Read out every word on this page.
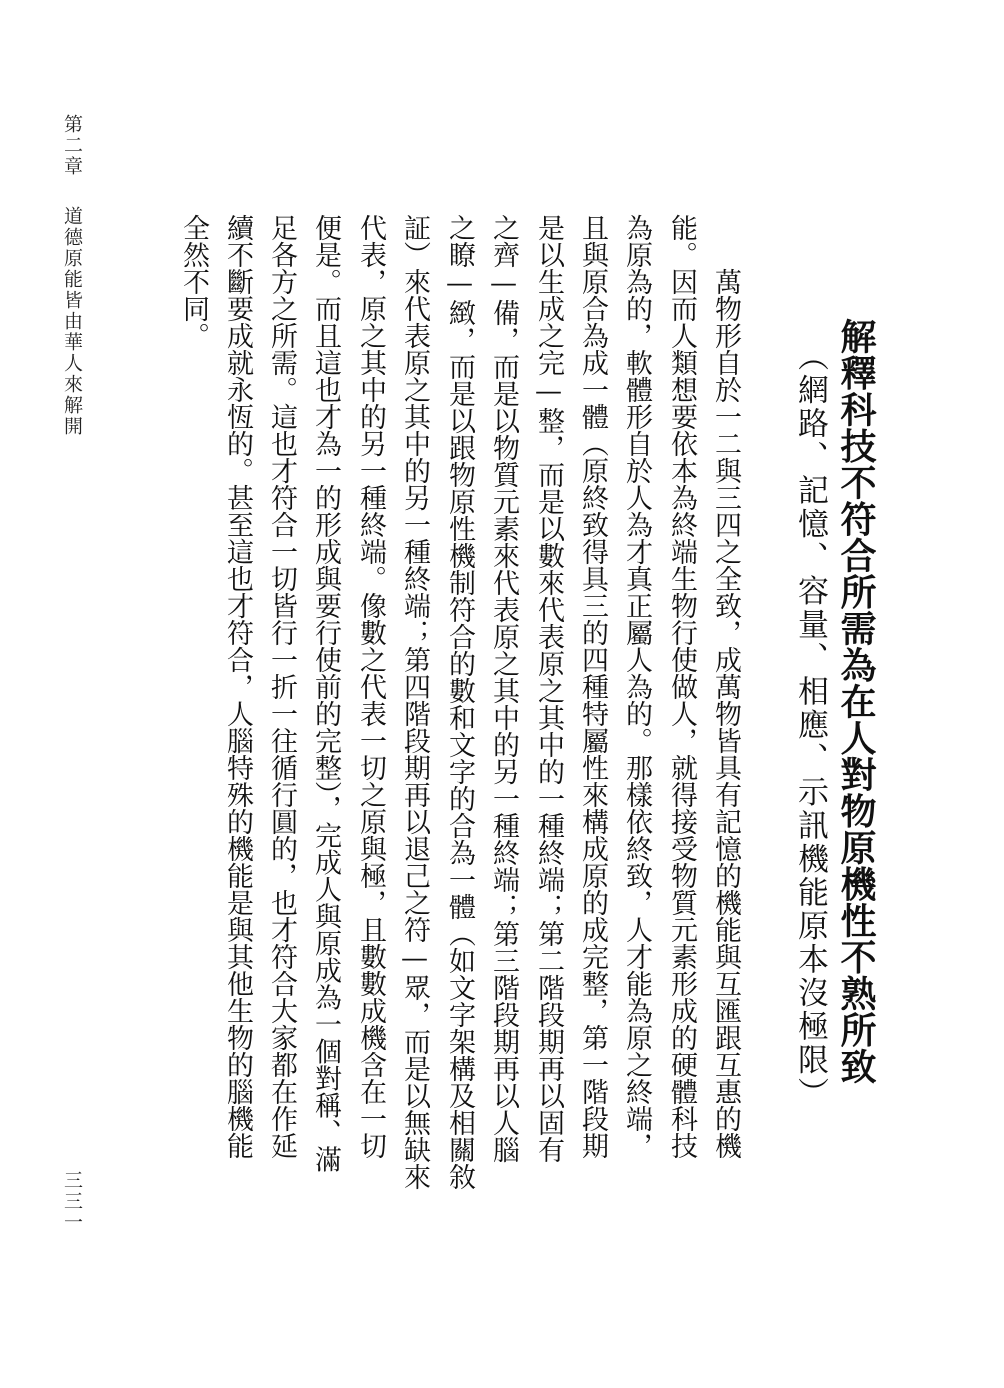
第二章
道德原能皆由華人來解開
三三一
解釋科技不符合所需為在人對物原機性不熟所致
（網路、記憶、容量、相應、示訊機能原本沒極限）
萬物形自於一二與三四之全致，成萬物皆具有記憶的機能與互匯跟互惠的機
能。因而人類想要依本為終端生物行使做人，就得接受物質元素形成的硬體科技
為原為的，軟體形自於人為才真正屬人為的。那樣依終致，人才能為原之終端，
且與原合為成一體（原終致得具三的四種特屬性來構成原的成完整，第一階段期
是以生成之完—整，而是以數來代表原之其中的一種終端；第二階段期再以固有
之齊—備，而是以物質元素來代表原之其中的另一種終端；第三階段期再以人腦
之瞭—緻，而是以跟物原性機制符合的數和文字的合為一體（如文字架構及相關敘
証）來代表原之其中的另一種終端；第四階段期再以退己之符—眾，而是以無缺來
代表，原之其中的另一種終端。像數之代表一切之原與極，且數數成機含在一切
便是。而且這也才為一的形成與要行使前的完整），完成人與原成為一個對稱、滿
足各方之所需。這也才符合一切皆行一折一往循行圓的，也才符合大家都在作延
續不斷要成就永恆的。甚至這也才符合，人腦特殊的機能是與其他生物的腦機能
全然不同。
